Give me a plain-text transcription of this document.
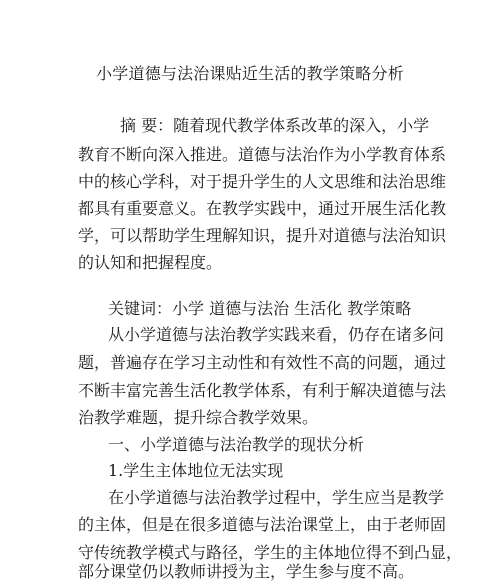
小学道德与法治课贴近生活的教学策略分析
摘 要：随着现代教学体系改革的深入，小学
教育不断向深入推进。道德与法治作为小学教育体系
中的核心学科，对于提升学生的人文思维和法治思维
都具有重要意义。在教学实践中，通过开展生活化教
学，可以帮助学生理解知识，提升对道德与法治知识
的认知和把握程度。
关键词：小学 道德与法治 生活化 教学策略
从小学道德与法治教学实践来看，仍存在诸多问
题，普遍存在学习主动性和有效性不高的问题，通过
不断丰富完善生活化教学体系，有利于解决道德与法
治教学难题，提升综合教学效果。
一、小学道德与法治教学的现状分析
1.学生主体地位无法实现
在小学道德与法治教学过程中，学生应当是教学
的主体，但是在很多道德与法治课堂上，由于老师固
守传统教学模式与路径，学生的主体地位得不到凸显，
部分课堂仍以教师讲授为主，学生参与度不高。
